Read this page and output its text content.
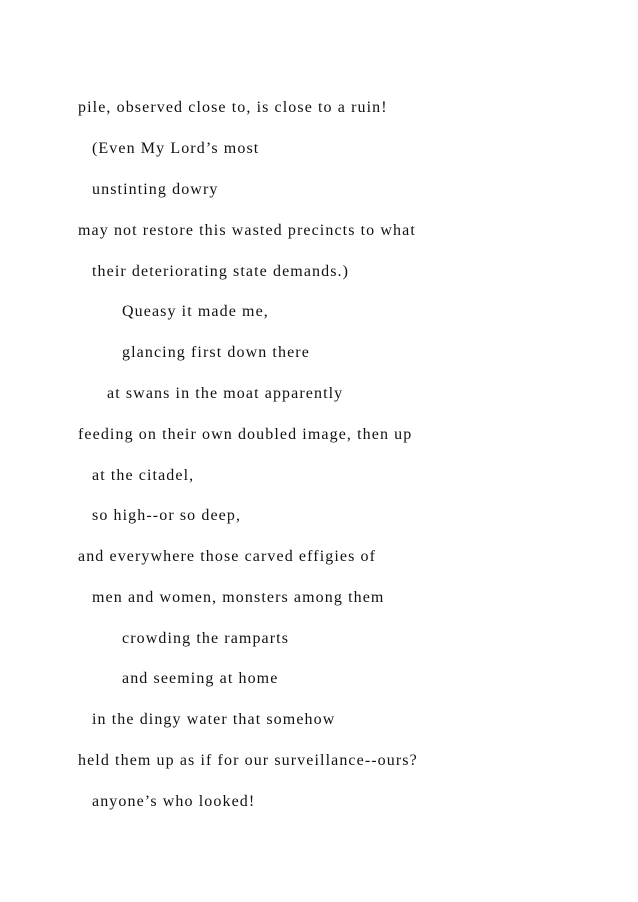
pile, observed close to, is close to a ruin!

(Even My Lord’s most

unstinting dowry

may not restore this wasted precincts to what

their deteriorating state demands.)

Queasy it made me,

glancing first down there

at swans in the moat apparently

feeding on their own doubled image, then up

at the citadel,

so high--or so deep,

and everywhere those carved effigies of

men and women, monsters among them

crowding the ramparts

and seeming at home

in the dingy water that somehow

held them up as if for our surveillance--ours?

anyone’s who looked!
